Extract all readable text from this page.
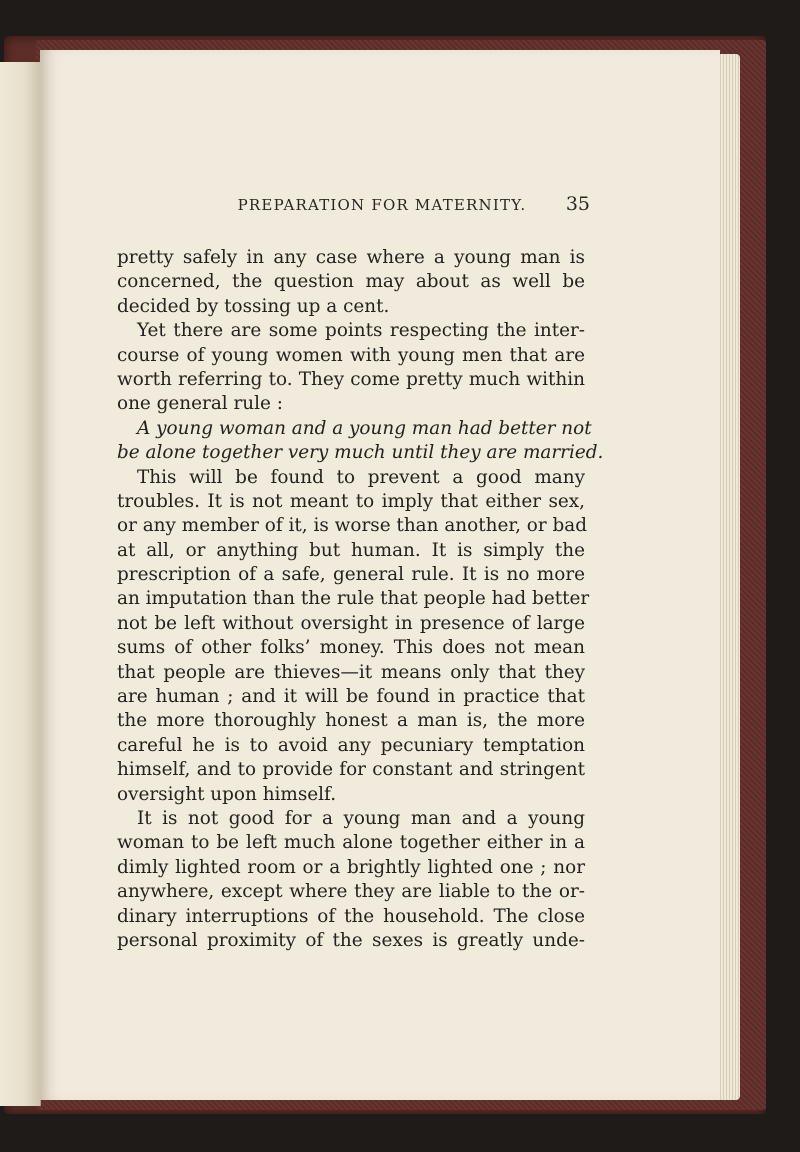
PREPARATION FOR MATERNITY.	35
pretty safely in any case where a young man is
concerned, the question may about as well be
decided by tossing up a cent.
Yet there are some points respecting the inter-
course of young women with young men that are
worth referring to. They come pretty much within
one general rule :
A young woman and a young man had better not
be alone together very much until they are married.
This will be found to prevent a good many
troubles. It is not meant to imply that either sex,
or any member of it, is worse than another, or bad
at all, or anything but human. It is simply the
prescription of a safe, general rule. It is no more
an imputation than the rule that people had better
not be left without oversight in presence of large
sums of other folks’ money. This does not mean
that people are thieves—it means only that they
are human ; and it will be found in practice that
the more thoroughly honest a man is, the more
careful he is to avoid any pecuniary temptation
himself, and to provide for constant and stringent
oversight upon himself.
It is not good for a young man and a young
woman to be left much alone together either in a
dimly lighted room or a brightly lighted one ; nor
anywhere, except where they are liable to the or-
dinary interruptions of the household. The close
personal proximity of the sexes is greatly unde-
